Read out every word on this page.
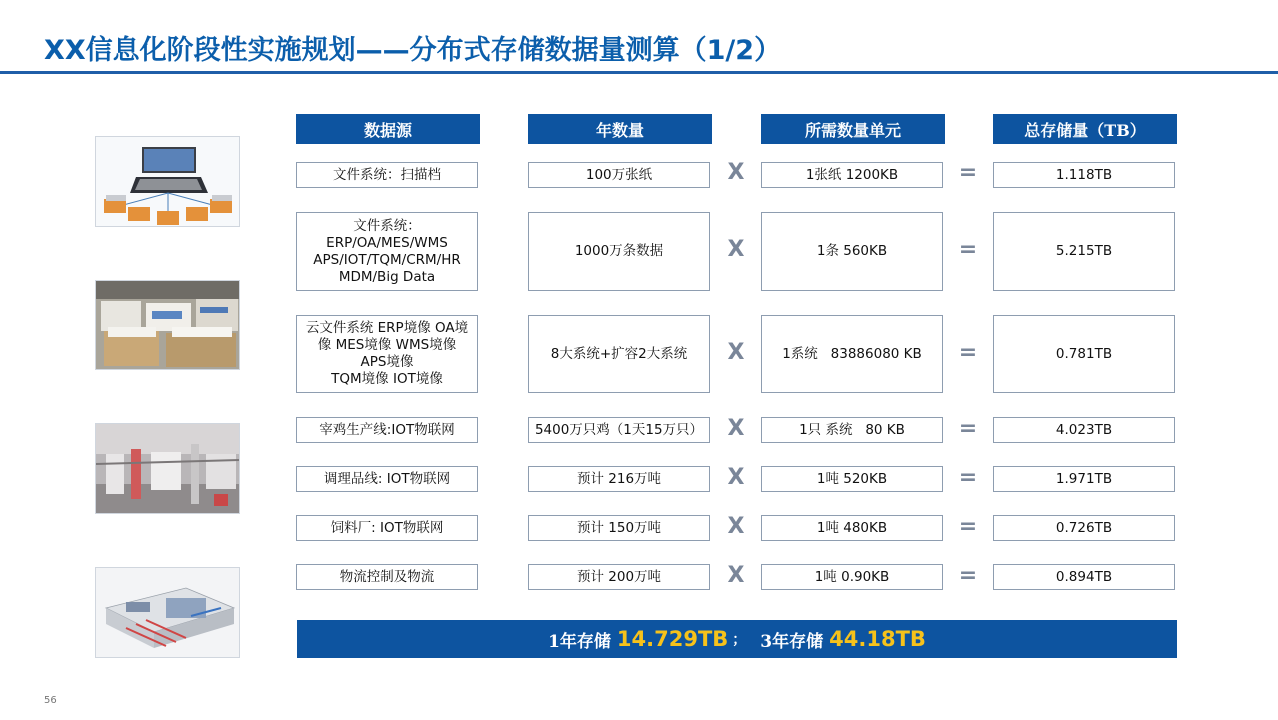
XX信息化阶段性实施规划——分布式存储数据量测算（1/2）
数据源	年数量	所需数量单元	总存储量（TB）
文件系统：扫描档	100万张纸	X	1张纸 1200KB	=	1.118TB
文件系统：
ERP/OA/MES/WMS
APS/IOT/TQM/CRM/HR
MDM/Big Data
1000万条数据	X	1条 560KB	=	5.215TB
云文件系统 ERP境像 OA境像 MES境像 WMS境像 APS境像
TQM境像 IOT境像
8大系统+扩容2大系统	X	1系统   83886080 KB	=	0.781TB
宰鸡生产线:IOT物联网	5400万只鸡（1天15万只）	X	1只 系统   80 KB	=	4.023TB
调理品线: IOT物联网	预计 216万吨	X	1吨 520KB	=	1.971TB
饲料厂: IOT物联网	预计 150万吨	X	1吨 480KB	=	0.726TB
物流控制及物流	预计 200万吨	X	1吨 0.90KB	=	0.894TB
1年存储 14.729TB ； 3年存储 44.18TB
56
